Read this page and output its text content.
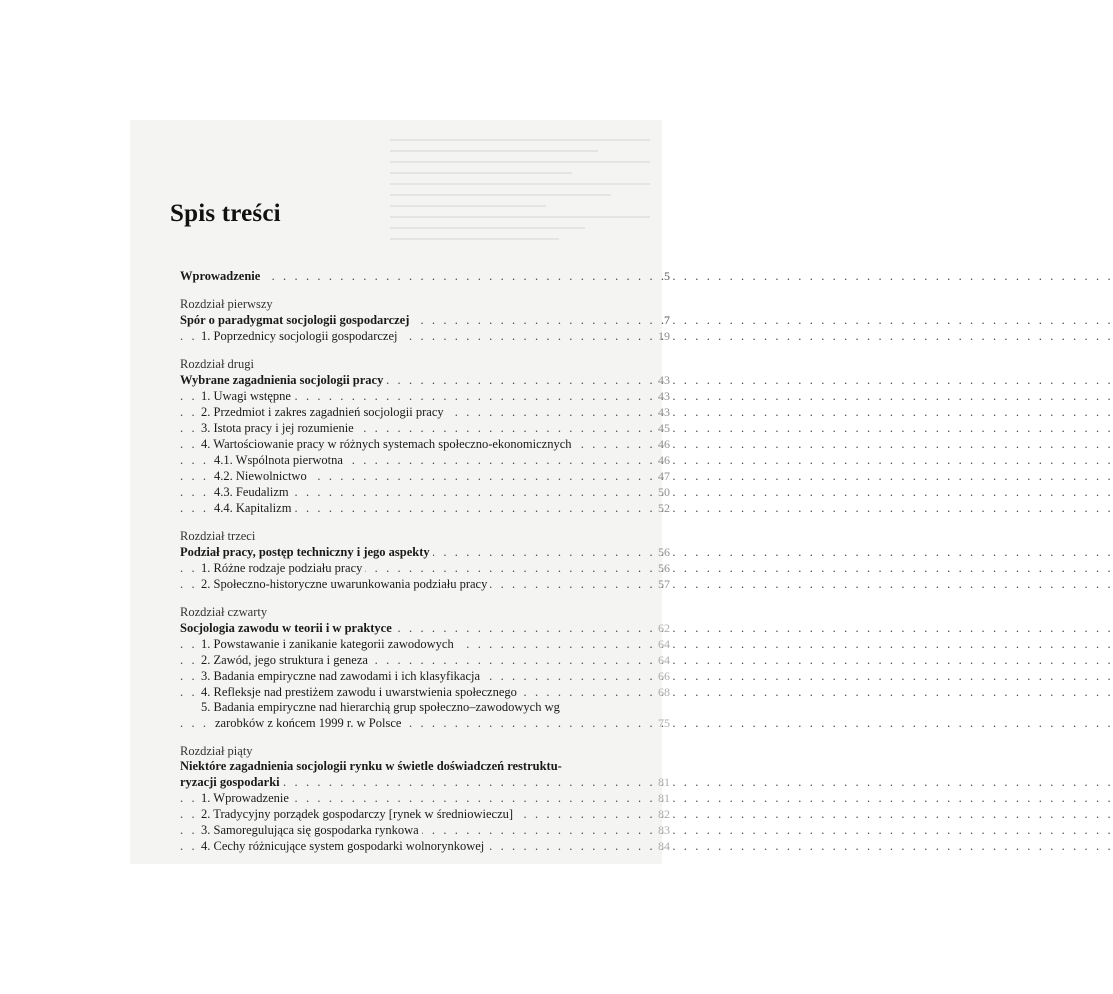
Spis treści
Wprowadzenie . . .	5
Rozdział pierwszy
Spór o paradygmat socjologii gospodarczej . . .	7
1. Poprzednicy socjologii gospodarczej . . .	19
Rozdział drugi
Wybrane zagadnienia socjologii pracy . . .	43
1. Uwagi wstępne . . .	43
2. Przedmiot i zakres zagadnień socjologii pracy . . .	43
3. Istota pracy i jej rozumienie . . .	45
4. Wartościowanie pracy w różnych systemach społeczno-ekonomicznych . . .	46
4.1. Wspólnota pierwotna . . .	46
4.2. Niewolnictwo . . .	47
4.3. Feudalizm . . .	50
4.4. Kapitalizm . . .	52
Rozdział trzeci
Podział pracy, postęp techniczny i jego aspekty . . .	56
1. Różne rodzaje podziału pracy . . .	56
2. Społeczno-historyczne uwarunkowania podziału pracy . . .	57
Rozdział czwarty
Socjologia zawodu w teorii i w praktyce . . .	62
1. Powstawanie i zanikanie kategorii zawodowych . . .	64
2. Zawód, jego struktura i geneza . . .	64
3. Badania empiryczne nad zawodami i ich klasyfikacja . . .	66
4. Refleksje nad prestiżem zawodu i uwarstwienia społecznego . . .	68
5. Badania empiryczne nad hierarchią grup społeczno–zawodowych wg
zarobków z końcem 1999 r. w Polsce . . .	75
Rozdział piąty
Niektóre zagadnienia socjologii rynku w świetle doświadczeń restruktu-
ryzacji gospodarki . . .	81
1. Wprowadzenie . . .	81
2. Tradycyjny porządek gospodarczy [rynek w średniowieczu] . . .	82
3. Samoregulująca się gospodarka rynkowa . . .	83
4. Cechy różnicujące system gospodarki wolnorynkowej . . .	84
